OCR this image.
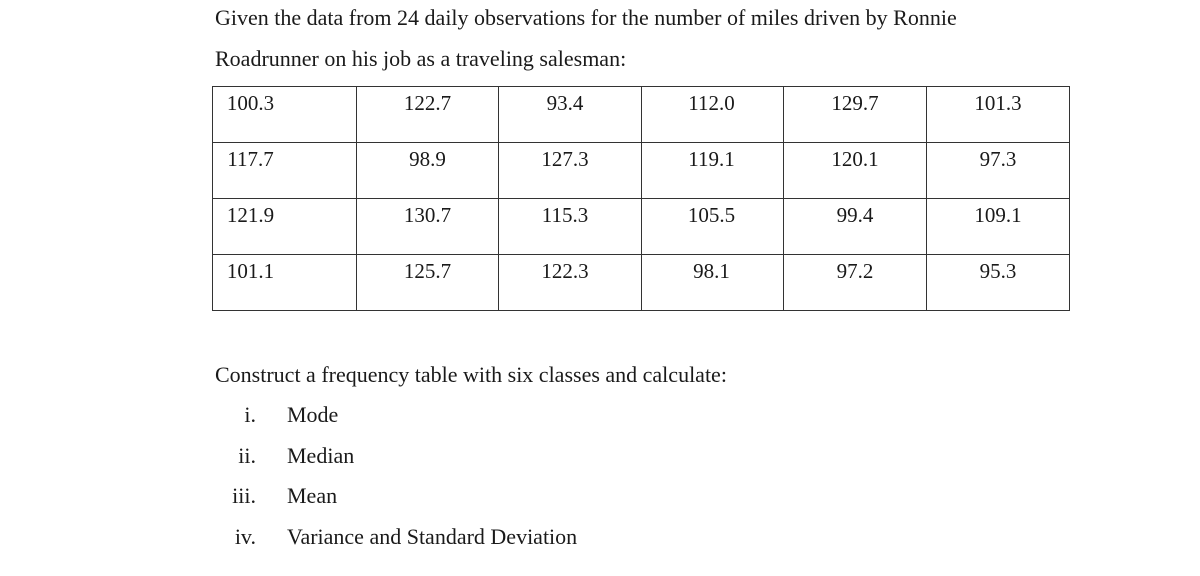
Given the data from 24 daily observations for the number of miles driven by Ronnie
Roadrunner on his job as a traveling salesman:
100.3	122.7	93.4	112.0	129.7	101.3

117.7	98.9	127.3	119.1	120.1	97.3

121.9	130.7	115.3	105.5	99.4	109.1

101.1	125.7	122.3	98.1	97.2	95.3
Construct a frequency table with six classes and calculate:
i. Mode
ii. Median
iii. Mean
iv. Variance and Standard Deviation
